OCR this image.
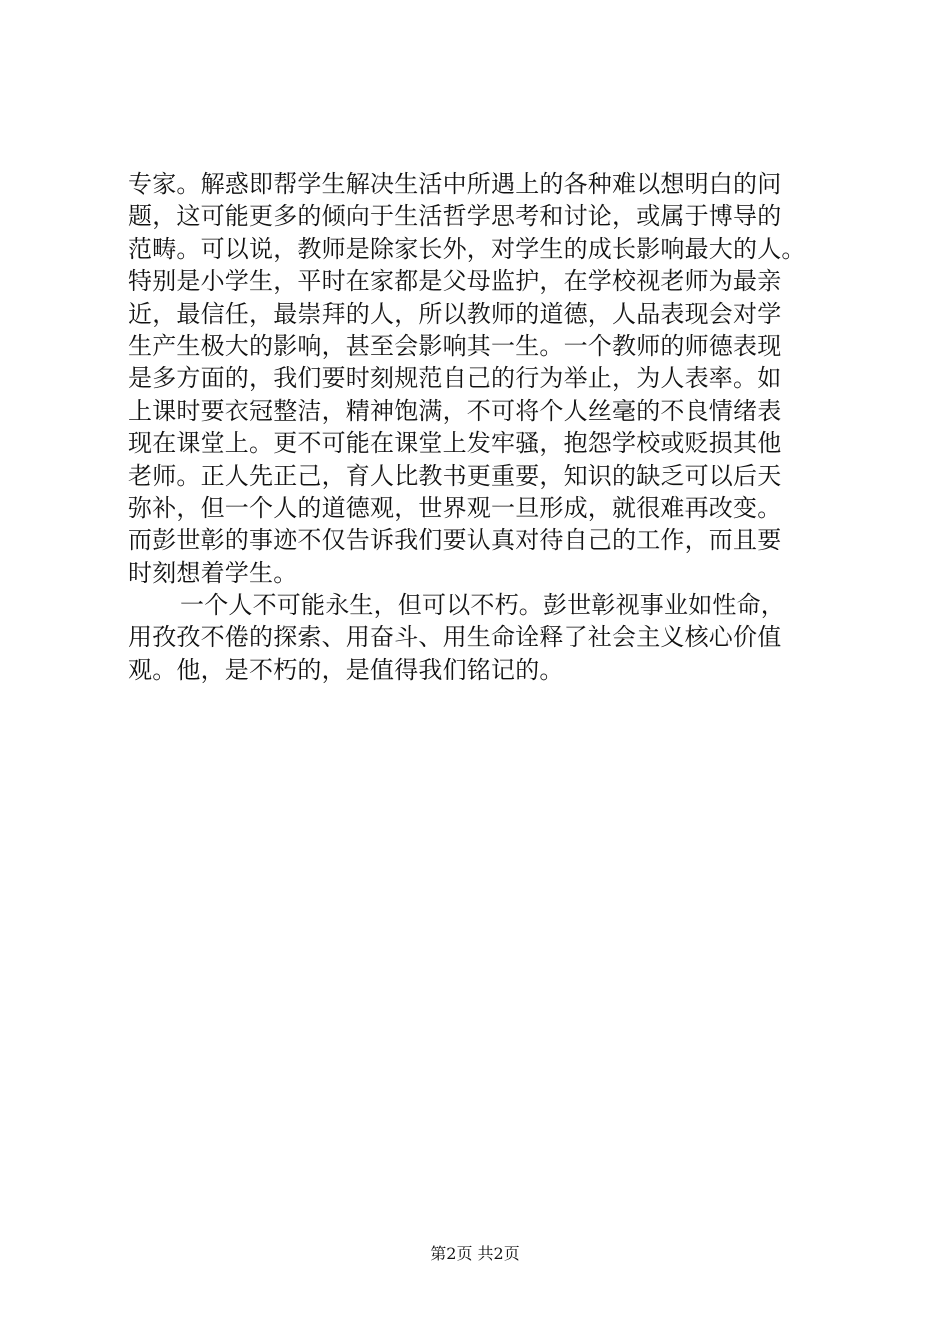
专家。解惑即帮学生解决生活中所遇上的各种难以想明白的问
题，这可能更多的倾向于生活哲学思考和讨论，或属于博导的
范畴。可以说，教师是除家长外，对学生的成长影响最大的人。
特别是小学生，平时在家都是父母监护，在学校视老师为最亲
近，最信任，最崇拜的人，所以教师的道德，人品表现会对学
生产生极大的影响，甚至会影响其一生。一个教师的师德表现
是多方面的，我们要时刻规范自己的行为举止，为人表率。如
上课时要衣冠整洁，精神饱满，不可将个人丝毫的不良情绪表
现在课堂上。更不可能在课堂上发牢骚，抱怨学校或贬损其他
老师。正人先正己，育人比教书更重要，知识的缺乏可以后天
弥补，但一个人的道德观，世界观一旦形成，就很难再改变。
而彭世彰的事迹不仅告诉我们要认真对待自己的工作，而且要
时刻想着学生。
一个人不可能永生，但可以不朽。彭世彰视事业如性命，
用孜孜不倦的探索、用奋斗、用生命诠释了社会主义核心价值
观。他，是不朽的，是值得我们铭记的。
第2页 共2页
